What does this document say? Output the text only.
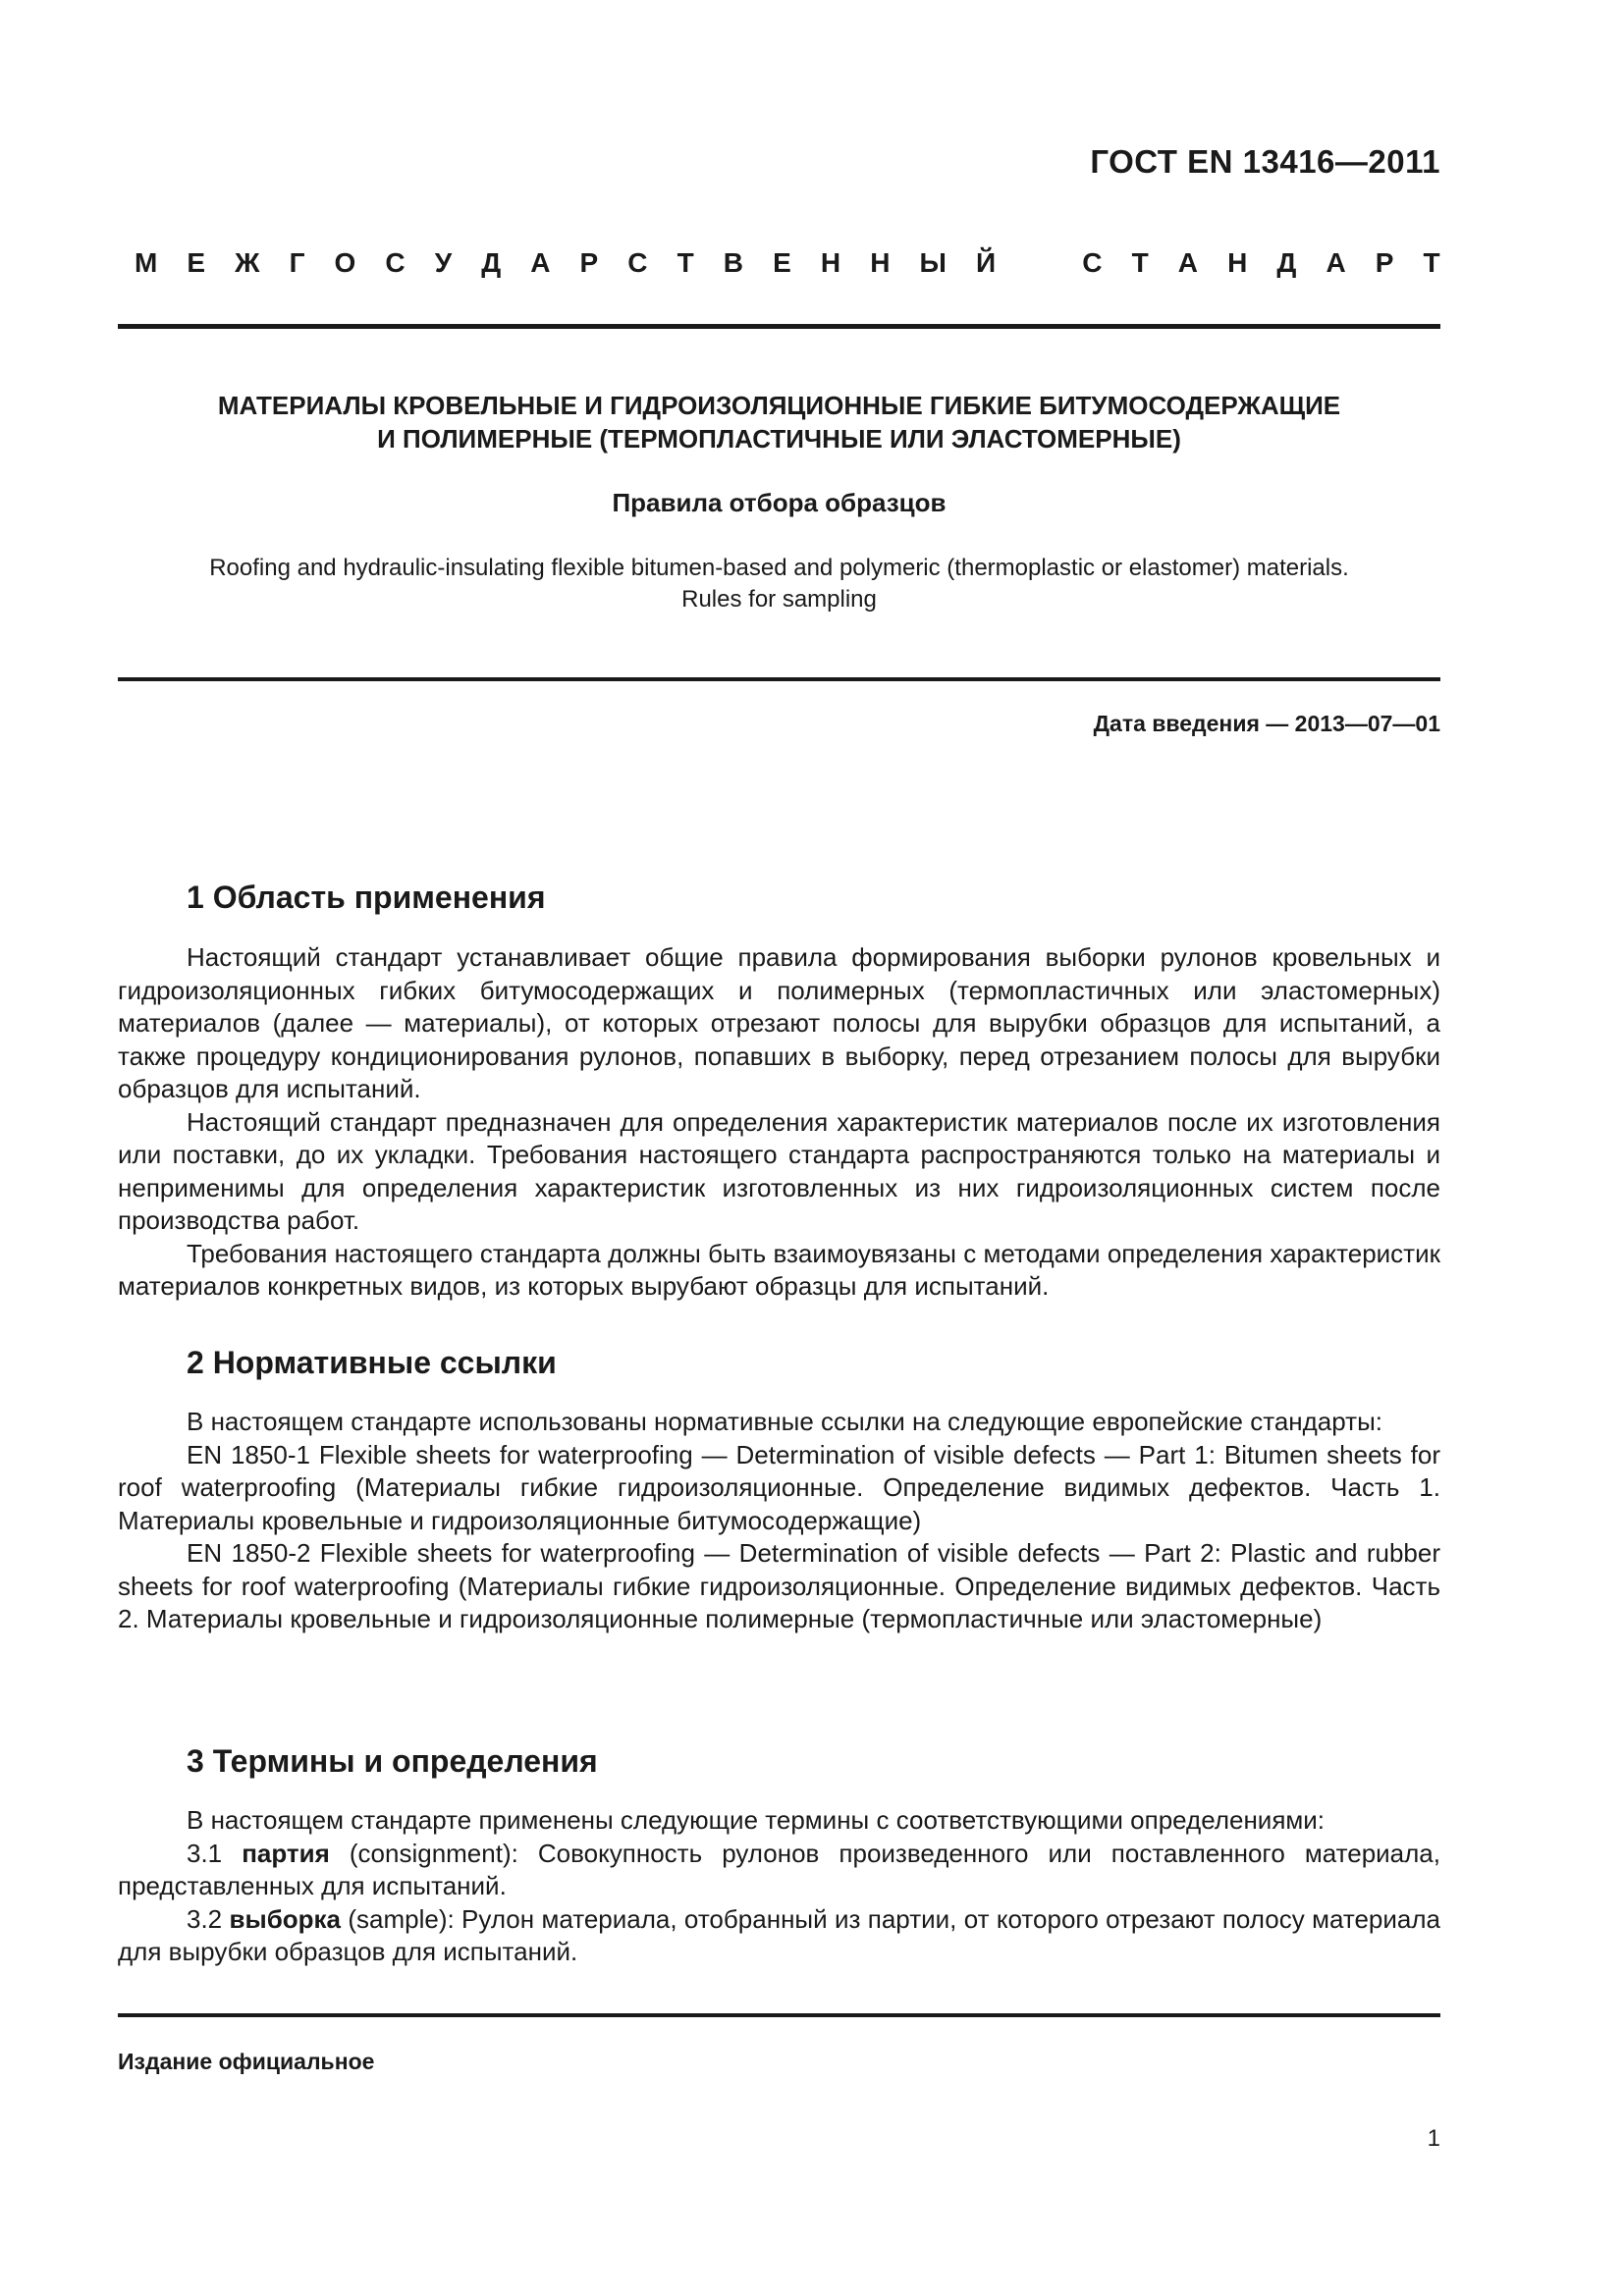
ГОСТ EN 13416—2011
М Е Ж Г О С У Д А Р С Т В Е Н Н Ы Й	С Т А Н Д А Р Т
МАТЕРИАЛЫ КРОВЕЛЬНЫЕ И ГИДРОИЗОЛЯЦИОННЫЕ ГИБКИЕ БИТУМОСОДЕРЖАЩИЕ
И ПОЛИМЕРНЫЕ (ТЕРМОПЛАСТИЧНЫЕ ИЛИ ЭЛАСТОМЕРНЫЕ)
Правила отбора образцов
Roofing and hydraulic-insulating flexible bitumen-based and polymeric (thermoplastic or elastomer) materials.
Rules for sampling
Дата введения — 2013—07—01
1 Область применения

Настоящий стандарт устанавливает общие правила формирования выборки рулонов кровельных и гидроизоляционных гибких битумосодержащих и полимерных (термопластичных или эластомерных) материалов (далее — материалы), от которых отрезают полосы для вырубки образцов для испытаний, а также процедуру кондиционирования рулонов, попавших в выборку, перед отрезанием полосы для вырубки образцов для испытаний.

Настоящий стандарт предназначен для определения характеристик материалов после их изготовления или поставки, до их укладки. Требования настоящего стандарта распространяются только на материалы и неприменимы для определения характеристик изготовленных из них гидроизоляционных систем после производства работ.

Требования настоящего стандарта должны быть взаимоувязаны с методами определения характеристик материалов конкретных видов, из которых вырубают образцы для испытаний.

2 Нормативные ссылки

В настоящем стандарте использованы нормативные ссылки на следующие европейские стандарты:

EN 1850-1 Flexible sheets for waterproofing — Determination of visible defects — Part 1: Bitumen sheets for roof waterproofing (Материалы гибкие гидроизоляционные. Определение видимых дефектов. Часть 1. Материалы кровельные и гидроизоляционные битумосодержащие)

EN 1850-2 Flexible sheets for waterproofing — Determination of visible defects — Part 2: Plastic and rubber sheets for roof waterproofing (Материалы гибкие гидроизоляционные. Определение видимых дефектов. Часть 2. Материалы кровельные и гидроизоляционные полимерные (термопластичные или эластомерные)

3 Термины и определения

В настоящем стандарте применены следующие термины с соответствующими определениями:

3.1 партия (consignment): Совокупность рулонов произведенного или поставленного материала, представленных для испытаний.

3.2 выборка (sample): Рулон материала, отобранный из партии, от которого отрезают полосу материала для вырубки образцов для испытаний.

Издание официальное
1
